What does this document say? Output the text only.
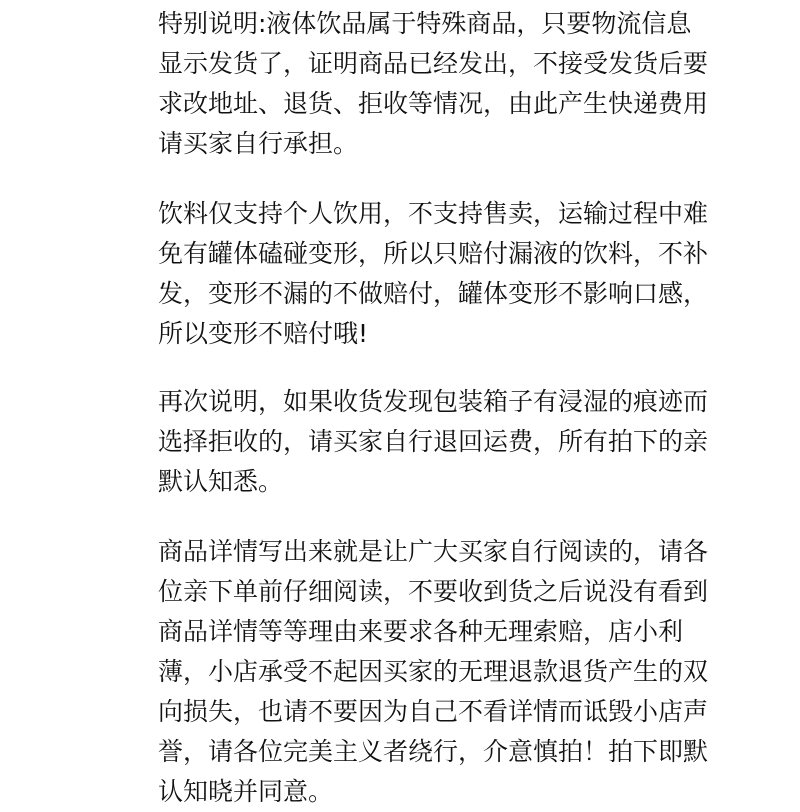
特别说明:液体饮品属于特殊商品，只要物流信息
显示发货了，证明商品已经发出，不接受发货后要
求改地址、退货、拒收等情况，由此产生快递费用
请买家自行承担。
饮料仅支持个人饮用，不支持售卖，运输过程中难
免有罐体磕碰变形，所以只赔付漏液的饮料，不补
发，变形不漏的不做赔付，罐体变形不影响口感，
所以变形不赔付哦!
再次说明，如果收货发现包装箱子有浸湿的痕迹而
选择拒收的，请买家自行退回运费，所有拍下的亲
默认知悉。
商品详情写出来就是让广大买家自行阅读的，请各
位亲下单前仔细阅读，不要收到货之后说没有看到
商品详情等等理由来要求各种无理索赔，店小利
薄，小店承受不起因买家的无理退款退货产生的双
向损失，也请不要因为自己不看详情而诋毁小店声
誉，请各位完美主义者绕行，介意慎拍！拍下即默
认知晓并同意。
